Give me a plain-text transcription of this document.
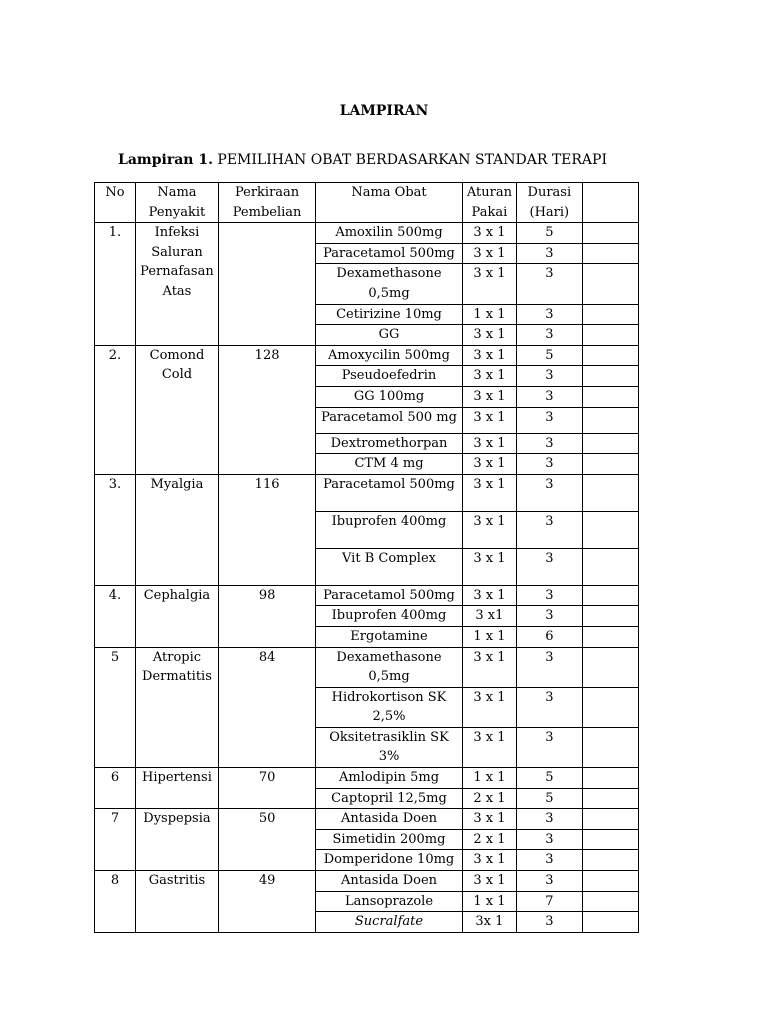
LAMPIRAN
Lampiran 1. PEMILIHAN OBAT BERDASARKAN STANDAR TERAPI
No	Nama Penyakit	Perkiraan Pembelian	Nama Obat	Aturan Pakai	Durasi (Hari)	
1.	Infeksi Saluran Pernafasan Atas		Amoxilin 500mg	3 x 1	5	
			Paracetamol 500mg	3 x 1	3	
			Dexamethasone 0,5mg	3 x 1	3	
			Cetirizine 10mg	1 x 1	3	
			GG	3 x 1	3	
2.	Comond Cold	128	Amoxycilin 500mg	3 x 1	5	
			Pseudoefedrin	3 x 1	3	
			GG 100mg	3 x 1	3	
			Paracetamol 500 mg	3 x 1	3	
			Dextromethorpan	3 x 1	3	
			CTM 4 mg	3 x 1	3	
3.	Myalgia	116	Paracetamol 500mg	3 x 1	3	
			Ibuprofen 400mg	3 x 1	3	
			Vit B Complex	3 x 1	3	
4.	Cephalgia	98	Paracetamol 500mg	3 x 1	3	
			Ibuprofen 400mg	3 x1	3	
			Ergotamine	1 x 1	6	
5	Atropic Dermatitis	84	Dexamethasone 0,5mg	3 x 1	3	
			Hidrokortison SK 2,5%	3 x 1	3	
			Oksitetrasiklin SK 3%	3 x 1	3	
6	Hipertensi	70	Amlodipin 5mg	1 x 1	5	
			Captopril 12,5mg	2 x 1	5	
7	Dyspepsia	50	Antasida Doen	3 x 1	3	
			Simetidin 200mg	2 x 1	3	
			Domperidone 10mg	3 x 1	3	
8	Gastritis	49	Antasida Doen	3 x 1	3	
			Lansoprazole	1 x 1	7	
			Sucralfate	3x 1	3	
